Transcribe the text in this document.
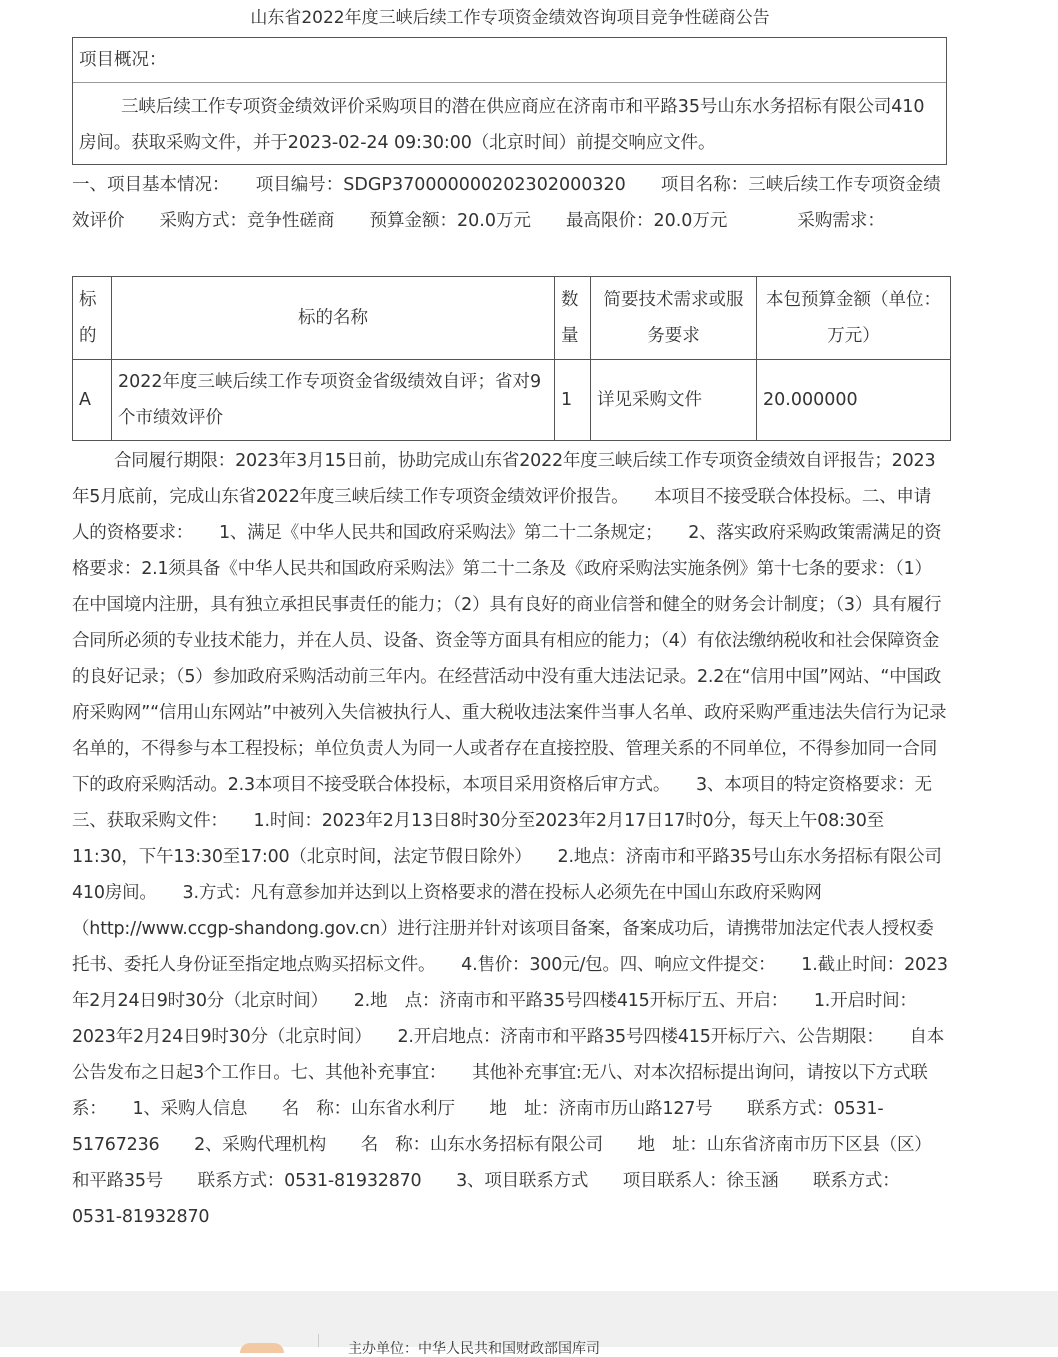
山东省2022年度三峡后续工作专项资金绩效咨询项目竞争性磋商公告
项目概况：
三峡后续工作专项资金绩效评价采购项目的潜在供应商应在济南市和平路35号山东水务招标有限公司410房间。获取采购文件，并于2023-02-24 09:30:00（北京时间）前提交响应文件。
一、项目基本情况：　　项目编号：SDGP370000000202302000320　　项目名称：三峡后续工作专项资金绩效评价　　采购方式：竞争性磋商　　预算金额：20.0万元　　最高限价：20.0万元　　　　采购需求：
标的	标的名称	数量	简要技术需求或服务要求	本包预算金额（单位：万元）
A	2022年度三峡后续工作专项资金省级绩效自评；省对9个市绩效评价	1	详见采购文件	20.000000
合同履行期限：2023年3月15日前，协助完成山东省2022年度三峡后续工作专项资金绩效自评报告；2023年5月底前，完成山东省2022年度三峡后续工作专项资金绩效评价报告。　　本项目不接受联合体投标。二、申请人的资格要求：　　1、满足《中华人民共和国政府采购法》第二十二条规定；　　2、落实政府采购政策需满足的资格要求：2.1须具备《中华人民共和国政府采购法》第二十二条及《政府采购法实施条例》第十七条的要求：（1）在中国境内注册，具有独立承担民事责任的能力；（2）具有良好的商业信誉和健全的财务会计制度；（3）具有履行合同所必须的专业技术能力，并在人员、设备、资金等方面具有相应的能力；（4）有依法缴纳税收和社会保障资金的良好记录；（5）参加政府采购活动前三年内。在经营活动中没有重大违法记录。2.2在“信用中国”网站、“中国政府采购网”“信用山东网站”中被列入失信被执行人、重大税收违法案件当事人名单、政府采购严重违法失信行为记录名单的，不得参与本工程投标；单位负责人为同一人或者存在直接控股、管理关系的不同单位，不得参加同一合同下的政府采购活动。2.3本项目不接受联合体投标，本项目采用资格后审方式。　　3、本项目的特定资格要求：无三、获取采购文件：　　1.时间：2023年2月13日8时30分至2023年2月17日17时0分，每天上午08:30至11:30，下午13:30至17:00（北京时间，法定节假日除外）　　2.地点：济南市和平路35号山东水务招标有限公司410房间。　　3.方式：凡有意参加并达到以上资格要求的潜在投标人必须先在中国山东政府采购网（http://www.ccgp-shandong.gov.cn）进行注册并针对该项目备案，备案成功后，请携带加法定代表人授权委托书、委托人身份证至指定地点购买招标文件。　　4.售价：300元/包。四、响应文件提交：　　1.截止时间：2023年2月24日9时30分（北京时间）　　2.地　点：济南市和平路35号四楼415开标厅五、开启：　　1.开启时间：2023年2月24日9时30分（北京时间）　　2.开启地点：济南市和平路35号四楼415开标厅六、公告期限：　　自本公告发布之日起3个工作日。七、其他补充事宜：　　其他补充事宜:无八、对本次招标提出询问，请按以下方式联系：　　1、采购人信息　　名　称：山东省水利厅　　地　址：济南市历山路127号　　联系方式：0531-51767236　　2、采购代理机构　　名　称：山东水务招标有限公司　　地　址：山东省济南市历下区县（区）和平路35号　　联系方式：0531-81932870　　3、项目联系方式　　项目联系人：徐玉涵　　联系方式：0531-81932870
主办单位：中华人民共和国财政部国库司
